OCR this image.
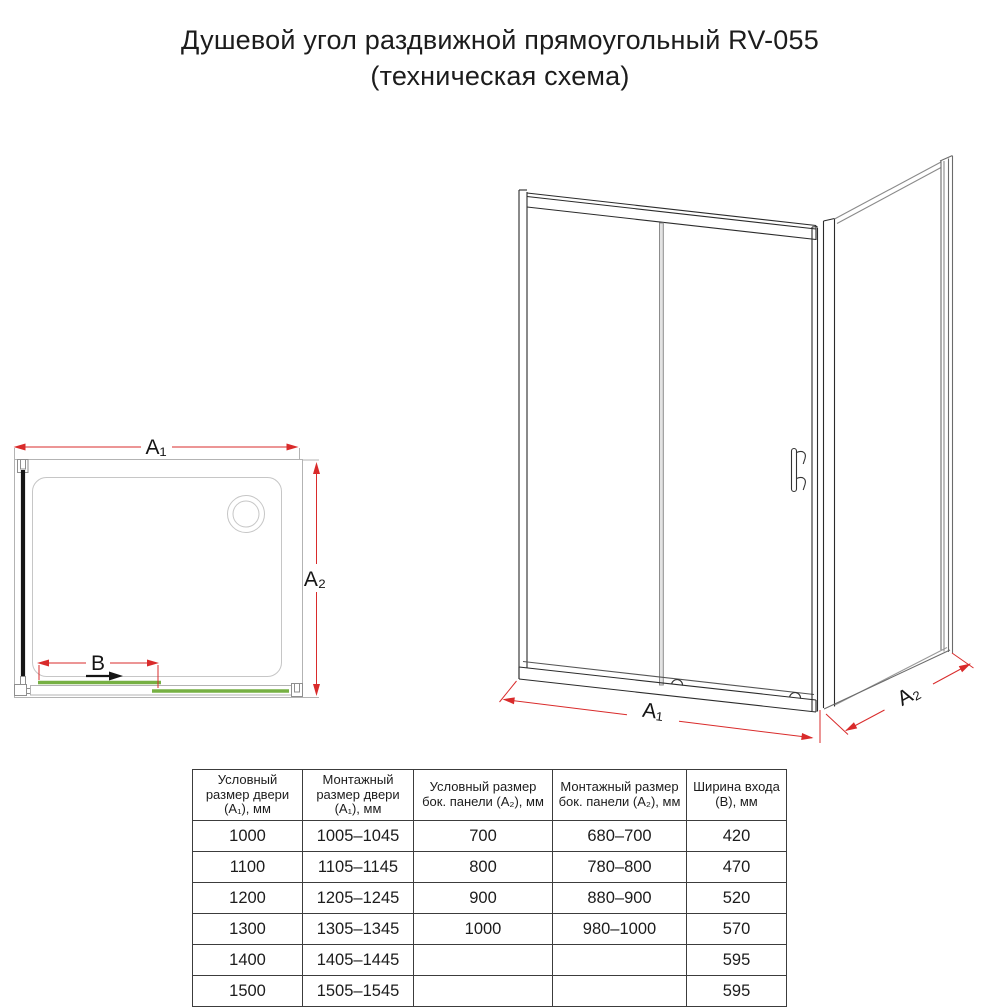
Душевой угол раздвижной прямоугольный RV-055
(техническая схема)
A₁
A₂
B
A₁
A₂
Условный размер двери (A₁), мм	Монтажный размер двери (A₁), мм	Условный размер бок. панели (A₂), мм	Монтажный размер бок. панели (A₂), мм	Ширина входа (B), мм
1000	1005–1045	700	680–700	420
1100	1105–1145	800	780–800	470
1200	1205–1245	900	880–900	520
1300	1305–1345	1000	980–1000	570
1400	1405–1445			595
1500	1505–1545			595
